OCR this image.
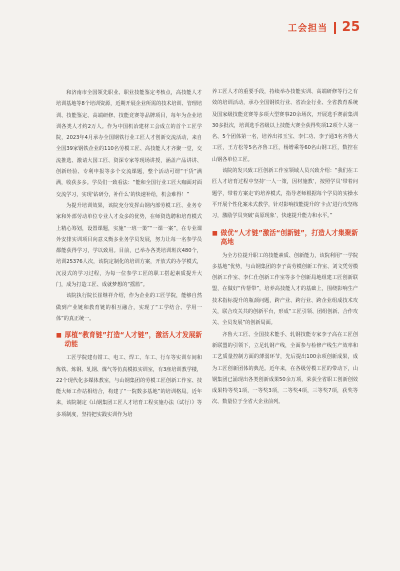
工会担当 25

和济南市全国领先职业、职业技能鉴定考核点，高技能人才培训基地等8个培训资源，近期开展企业所需的技术培训、管理培训、技能鉴定、高端研修、技能竞赛等品牌项目，每年为企业培训各类人才约2万人。作为中国机冶建材工会成立的首个工匠学院，2023年4月承办全国钢铁行业工匠人才创新交流活动，来自全国39家钢铁企业的110名劳模工匠、高技能人才齐聚一堂，交流推选、激请大国工匠、资深专家等现场讲授，涵盖产品讲讲、创新经验、专利申报等多个交流课题，整个活动可谓“干货”满满，收获多多。学员们一致看法：“能和全国行业工匠大咖面对面交流学习，实现‘钻研分，补什么’的快速补给，机会难得！”

为提升培训效果，该院充分发挥山钢内部劳模工匠、业务专家和外部劳动单位专业人才众多的优势，在师资选聘和培育模式上精心筹划，设置课题，实施“一班一策”“一课一案”，在专业课外安排实训项目向意义衡多业务学员发展，努力让每一名参学员都能获得学习，学以致用。目前，已举办各类培训班次480个，培训25376人次，该院定制化的培训方案，开放式的办学模式，沉浸式的学习过程，为每一位参学工匠的职工搭起素质提升大门，成为打造工匠、成就梦想的“摇篮”。

该院执行院长崔继祥介绍，作为企业的工匠学院，能够自然做到产业链和教育链的相互融合，实现了“工学结合、学用一体”的真正统一。

■ 厚植“教育链”打造“人才链”，激活人才发展新动能

工匠学院建有钳工、电工、焊工、车工、行车等实训车间和炼铁、炼钢、轧钢、煤气等仿真模拟实训室，有3座培训教学楼，22个现代化多媒体教室，与山钢集团的劳模工匠创新工作室、技能大师工作站相结合，构建了“一院数多基地”的培训格局。近年来，该院制定《山钢集团工匠人才培育工程实施办法（试行）》等多项制度，坚持把实践实训作为培

养工匠人才的重要手段，持续举办技能实训、高端研修等行之有效的培训活动，承办全国钢铁行业、省冶金行业、全省教育系统及国家级技能竞赛等多项大型赛事20余场次，开展选手赛前集训30多批次，培训选手省级以上技能大赛全获得奖项12项个人第一名、5个团体第一名，培养出祁玉宝、李仁功、李子通3名齐鲁大工匠，王方松等5名齐鲁工匠，杨增乘等60名山钢工匠，数控在山钢各单位工匠。

该院的发兴致工匠创新工作室领域人员兴致介绍：“我们在工匠人才培育过程中坚持‘一人一策，因材施教’，按照学员‘带着问题学，带着方案走’的培养模式，指导老师根据每个学员的实操水平开展个性化案未式教学，针对影响技能提升的‘卡点’进行攻坚练习，激励学员突破‘高原现象’，快速提升能力和水平。”

■ 做优“人才链”激活“创新链”，打造人才集聚新高地

为全方位提升职工的技能素质、创新能力，该院利用“一学院多基地”优势，与山钢集团的李子高劳模创新工作室、刘文凭劳模创新工作室、李仁仕创新工作室等多个创新局地组建工匠创新联盟，在做好“传帮带”，培养高技能人才的基础上，围绕影响生产技术指标提升的瓶颈问题，跨产业、跨行业、跨企业组成技术攻关，联合攻关共的创新平台，形成“工匠引领、团组创新、合作攻关、全员发展”的创新局面。

齐鲁大工匠、全国技术能手、轧钢技能专家李子高在工匠创新联盟的引领下，立足轧钢产线，全面参与检修产线生产效率和工艺质量控制方面的薄弱环节，先后提出100余项创新成果，成为工匠创新团体的典范。近年来，在各级劳模工匠的带动下，山钢集团已涌现出各类创新成果50余万项，荣获全省职工创新创效成果特等奖1项，一等奖3项，二等奖4项，三等奖7项，获奖等次、数量位于全省大企业前列。
